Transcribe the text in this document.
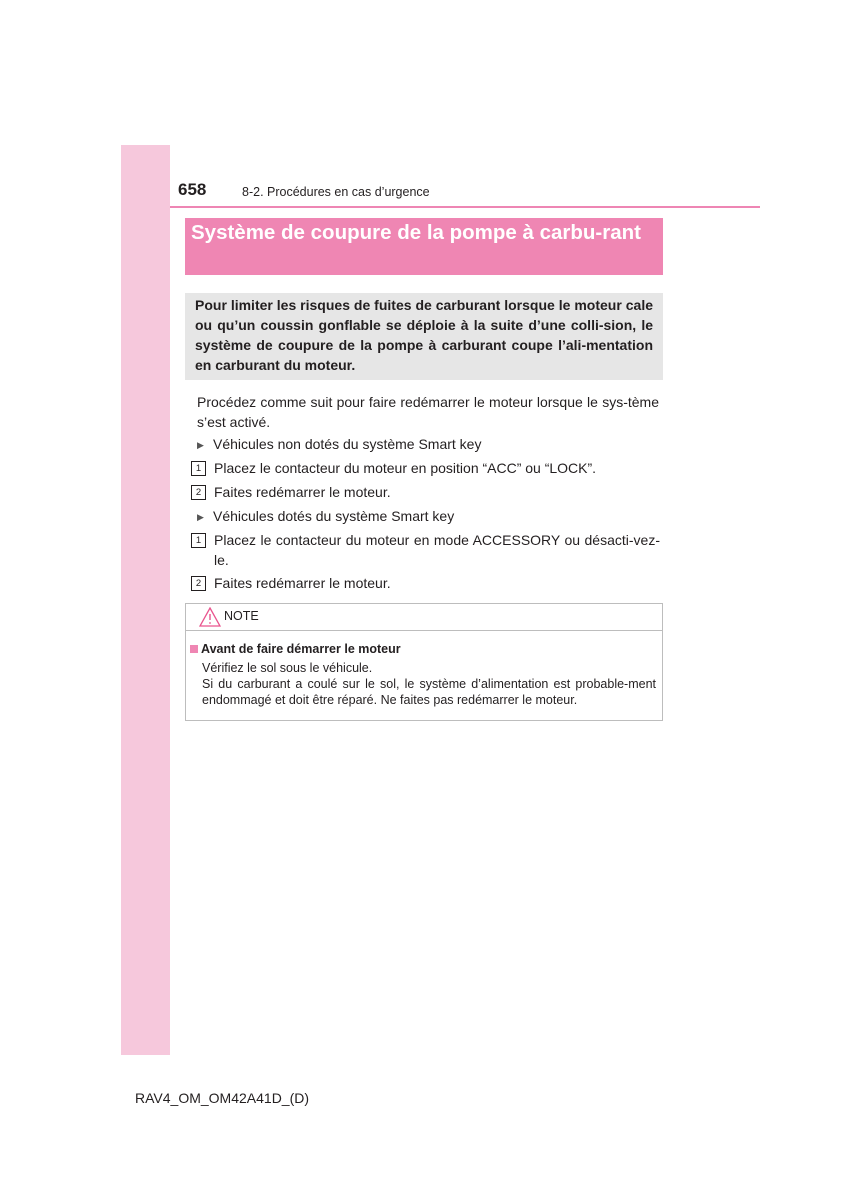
658	8-2. Procédures en cas d’urgence
Système de coupure de la pompe à carbu-rant

Pour limiter les risques de fuites de carburant lorsque le moteur cale ou qu’un coussin gonflable se déploie à la suite d’une colli-sion, le système de coupure de la pompe à carburant coupe l’ali-mentation en carburant du moteur.

Procédez comme suit pour faire redémarrer le moteur lorsque le sys-tème s’est activé.
▶ Véhicules non dotés du système Smart key
1 Placez le contacteur du moteur en position “ACC” ou “LOCK”.
2 Faites redémarrer le moteur.
▶ Véhicules dotés du système Smart key
1 Placez le contacteur du moteur en mode ACCESSORY ou désacti-vez-le.
2 Faites redémarrer le moteur.
NOTE
Avant de faire démarrer le moteur
Vérifiez le sol sous le véhicule.
Si du carburant a coulé sur le sol, le système d’alimentation est probable-ment endommagé et doit être réparé. Ne faites pas redémarrer le moteur.
RAV4_OM_OM42A41D_(D)
